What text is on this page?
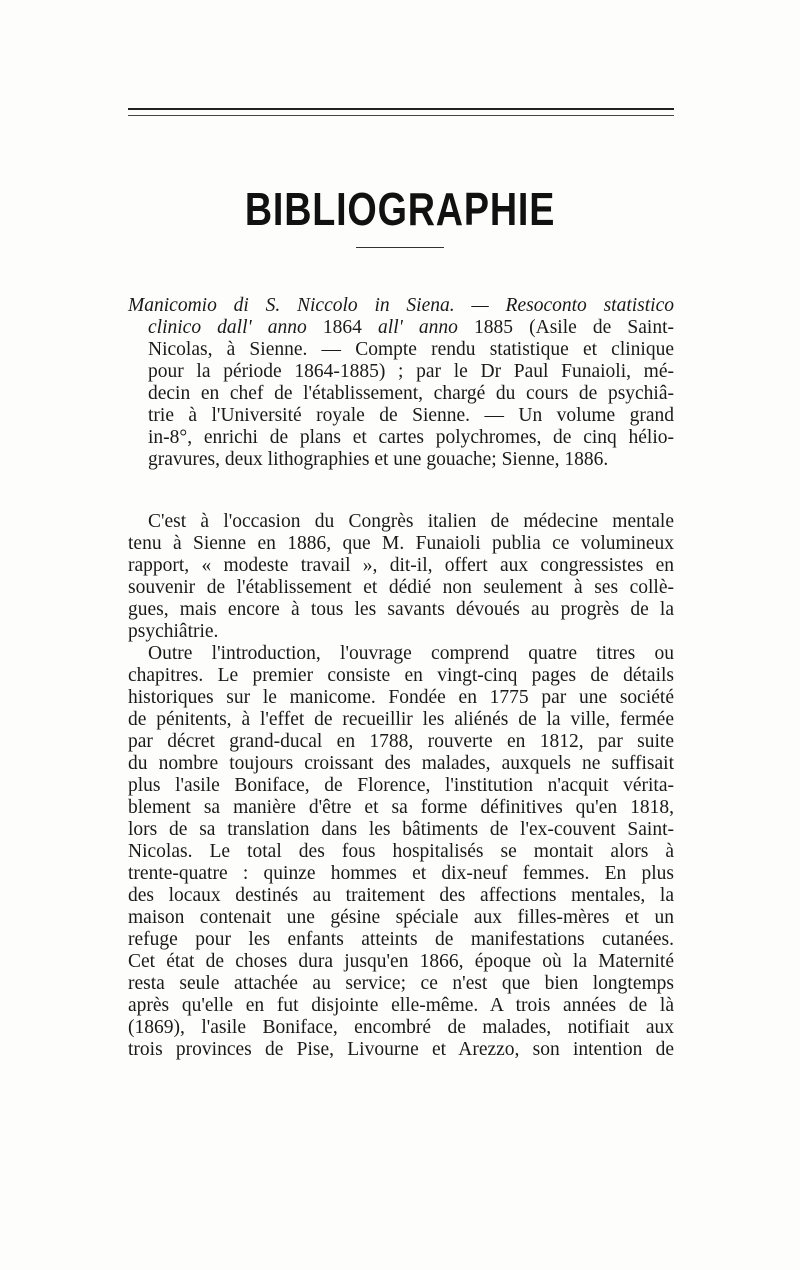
BIBLIOGRAPHIE
Manicomio di S. Niccolo in Siena. — Resoconto statistico
clinico dall' anno 1864 all' anno 1885 (Asile de Saint-
Nicolas, à Sienne. — Compte rendu statistique et clinique
pour la période 1864-1885) ; par le Dr Paul Funaioli, mé-
decin en chef de l'établissement, chargé du cours de psychiâ-
trie à l'Université royale de Sienne. — Un volume grand
in-8°, enrichi de plans et cartes polychromes, de cinq hélio-
gravures, deux lithographies et une gouache; Sienne, 1886.
C'est à l'occasion du Congrès italien de médecine mentale
tenu à Sienne en 1886, que M. Funaioli publia ce volumineux
rapport, « modeste travail », dit-il, offert aux congressistes en
souvenir de l'établissement et dédié non seulement à ses collè-
gues, mais encore à tous les savants dévoués au progrès de la
psychiâtrie.
Outre l'introduction, l'ouvrage comprend quatre titres ou
chapitres. Le premier consiste en vingt-cinq pages de détails
historiques sur le manicome. Fondée en 1775 par une société
de pénitents, à l'effet de recueillir les aliénés de la ville, fermée
par décret grand-ducal en 1788, rouverte en 1812, par suite
du nombre toujours croissant des malades, auxquels ne suffisait
plus l'asile Boniface, de Florence, l'institution n'acquit vérita-
blement sa manière d'être et sa forme définitives qu'en 1818,
lors de sa translation dans les bâtiments de l'ex-couvent Saint-
Nicolas. Le total des fous hospitalisés se montait alors à
trente-quatre : quinze hommes et dix-neuf femmes. En plus
des locaux destinés au traitement des affections mentales, la
maison contenait une gésine spéciale aux filles-mères et un
refuge pour les enfants atteints de manifestations cutanées.
Cet état de choses dura jusqu'en 1866, époque où la Maternité
resta seule attachée au service; ce n'est que bien longtemps
après qu'elle en fut disjointe elle-même. A trois années de là
(1869), l'asile Boniface, encombré de malades, notifiait aux
trois provinces de Pise, Livourne et Arezzo, son intention de
